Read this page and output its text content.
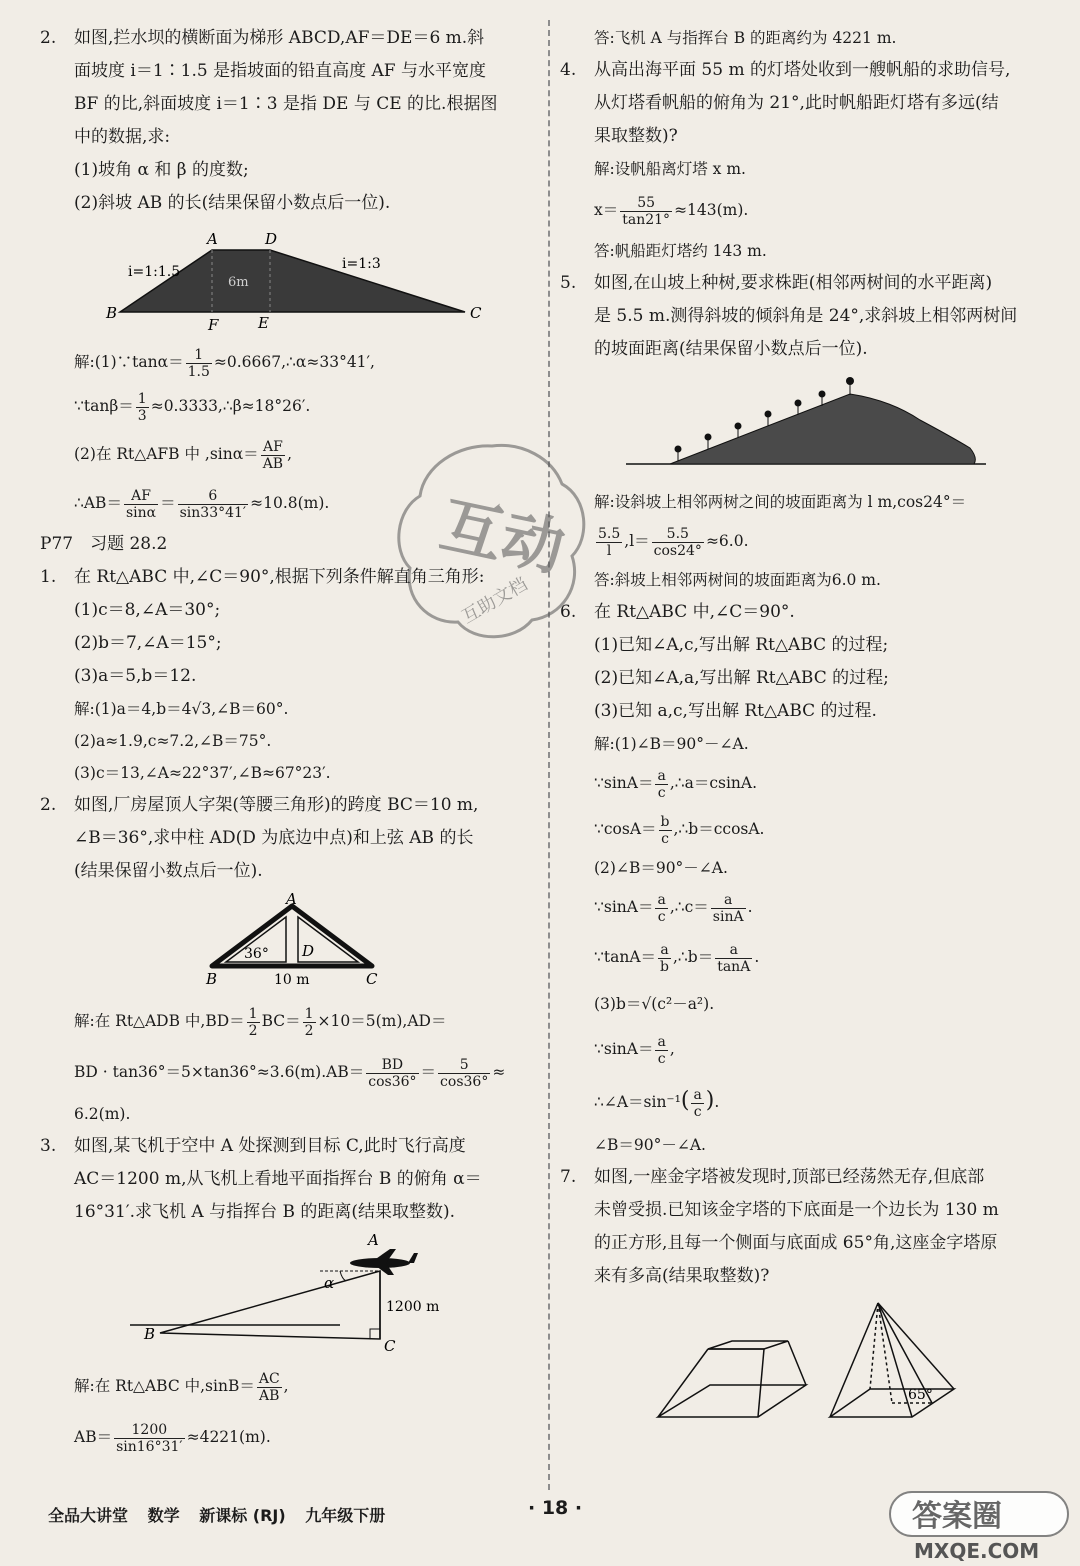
2. 如图,拦水坝的横断面为梯形 ABCD,AF＝DE＝6 m.斜
面坡度 i＝1∶1.5 是指坡面的铅直高度 AF 与水平宽度
BF 的比,斜面坡度 i＝1∶3 是指 DE 与 CE 的比.根据图
中的数据,求:
(1)坡角 α 和 β 的度数;
(2)斜坡 AB 的长(结果保留小数点后一位).
A	D
B	C
F	E
i=1:1.5	i=1:3
6m
解:(1)∵tanα＝ $\frac{1}{1.5}$ ≈0.6667,∴α≈33°41′,
∵tanβ＝ $\frac{1}{3}$ ≈0.3333,∴β≈18°26′.
(2)在 Rt△AFB 中 $,\sin\alpha= \frac{AF}{AB}$ ,
∴AB＝ $\frac{AF}{\sin\alpha} = \frac{6}{\sin 33^\circ 41'} \approx 10.8(m)$.
P77　习题 28.2
1. 在 Rt△ABC 中,∠C＝90°,根据下列条件解直角三角形:
(1)c＝8,∠A＝30°;
(2)b＝7,∠A＝15°;
(3)a＝5,b＝12.
解:(1)a＝4,b＝4√3,∠B＝60°.
(2)a≈1.9,c≈7.2,∠B＝75°.
(3)c＝13,∠A≈22°37′,∠B≈67°23′.
2. 如图,厂房屋顶人字架(等腰三角形)的跨度 BC＝10 m,
∠B＝36°,求中柱 AD(D 为底边中点)和上弦 AB 的长
(结果保留小数点后一位).
A
B	C
D
36°
10 m
解:在 Rt△ADB 中$,BD= \frac{1}{2} BC= \frac{1}{2} \times 10=5(m),AD=$
BD · $\tan 36^\circ=5\times\tan 36^\circ\approx 3.6(m).AB= \frac{BD}{\cos 36^\circ} = \frac{5}{\cos 36^\circ}$ ≈
6.2(m).
3. 如图,某飞机于空中 A 处探测到目标 C,此时飞行高度
AC＝1200 m,从飞机上看地平面指挥台 B 的俯角 α＝
16°31′.求飞机 A 与指挥台 B 的距离(结果取整数).
A
B
C
α
1200 m
解:在 Rt△ABC 中$,\sin B= \frac{AC}{AB}$ ,
$AB= \frac{1200}{\sin 16^\circ 31'} \approx 4221(m)$.
答:飞机 A 与指挥台 B 的距离约为 4221 m.
4. 从高出海平面 55 m 的灯塔处收到一艘帆船的求助信号,
从灯塔看帆船的俯角为 21°,此时帆船距灯塔有多远(结
果取整数)?
解:设帆船离灯塔 x m.
$x= \frac{55}{\tan 21^\circ} \approx 143(m)$.
答:帆船距灯塔约 143 m.
5. 如图,在山坡上种树,要求株距(相邻两树间的水平距离)
是 5.5 m.测得斜坡的倾斜角是 24°,求斜坡上相邻两树间
的坡面距离(结果保留小数点后一位).
解:设斜坡上相邻两树之间的坡面距离为 l m,cos24°＝
$\frac{5.5}{l} ,l= \frac{5.5}{\cos 24^\circ} \approx 6.0$.
答:斜坡上相邻两树间的坡面距离为6.0 m.
6. 在 Rt△ABC 中,∠C＝90°.
(1)已知∠A,c,写出解 Rt△ABC 的过程;
(2)已知∠A,a,写出解 Rt△ABC 的过程;
(3)已知 a,c,写出解 Rt△ABC 的过程.
解:(1)∠B＝90°－∠A.
∵sinA＝ $\frac{a}{c}$ ,∴a＝csinA.
∵cosA＝ $\frac{b}{c}$ ,∴b＝ccosA.
(2)∠B＝90°－∠A.
∵sinA＝ $\frac{a}{c}$ ,∴c＝ $\frac{a}{\sin A}$ .
∵tanA＝ $\frac{a}{b}$ ,∴b＝ $\frac{a}{\tan A}$ .
(3)b＝√(c²－a²).
∵sinA＝ $\frac{a}{c}$ ,
∴∠A＝sin⁻¹( $\frac{a}{c}$ ).
∠B＝90°－∠A.
7. 如图,一座金字塔被发现时,顶部已经荡然无存,但底部
未曾受损.已知该金字塔的下底面是一个边长为 130 m
的正方形,且每一个侧面与底面成 65°角,这座金字塔原
来有多高(结果取整数)?
65°
互动
互助文档
全品大讲堂 数学 新课标 (RJ) 九年级下册	· 18 ·	答案圈
MXQE.COM
